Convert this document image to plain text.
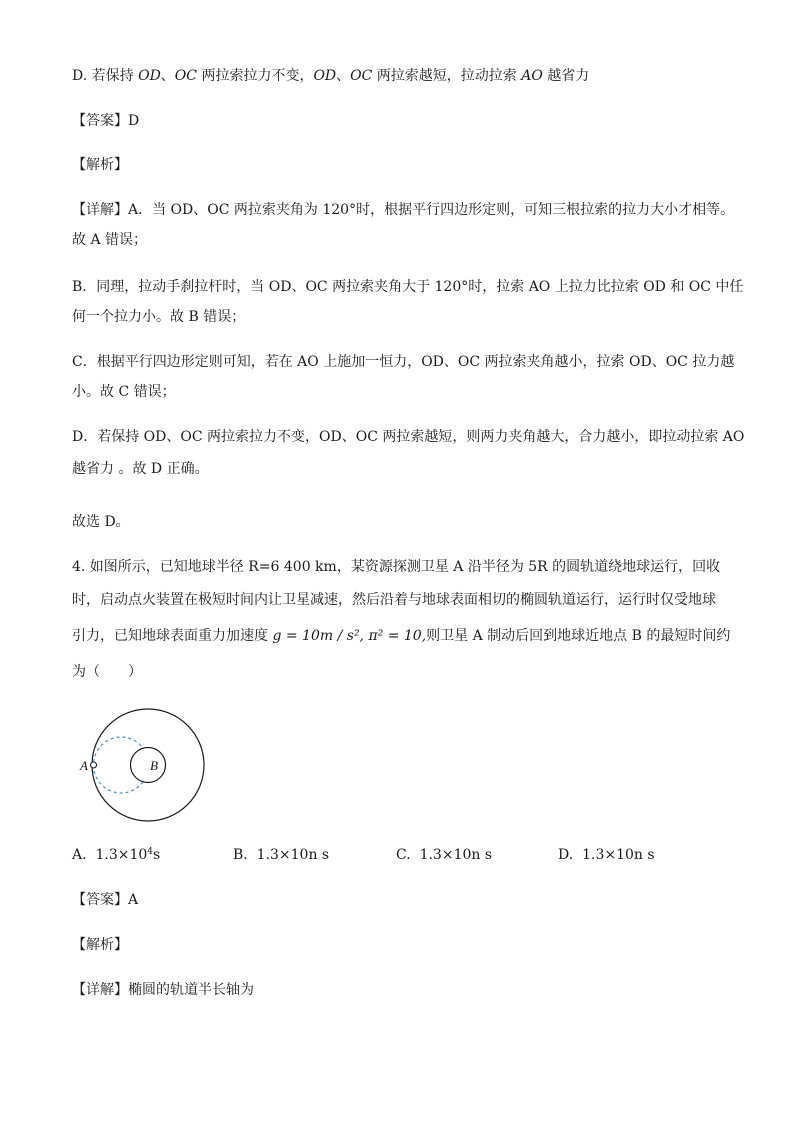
D. 若保持 OD、OC 两拉索拉力不变，OD、OC 两拉索越短，拉动拉索 AO 越省力
【答案】D
【解析】
【详解】A．当 OD、OC 两拉索夹角为 120°时，根据平行四边形定则，可知三根拉索的拉力大小才相等。
故 A 错误；
B．同理，拉动手刹拉杆时，当 OD、OC 两拉索夹角大于 120°时，拉索 AO 上拉力比拉索 OD 和 OC 中任
何一个拉力小。故 B 错误；
C．根据平行四边形定则可知，若在 AO 上施加一恒力，OD、OC 两拉索夹角越小，拉索 OD、OC 拉力越
小。故 C 错误；
D．若保持 OD、OC 两拉索拉力不变，OD、OC 两拉索越短，则两力夹角越大，合力越小，即拉动拉索 AO
越省力 。故 D 正确。
故选 D。
4. 如图所示，已知地球半径 R=6 400 km，某资源探测卫星 A 沿半径为 5R 的圆轨道绕地球运行，回收
时，启动点火装置在极短时间内让卫星减速，然后沿着与地球表面相切的椭圆轨道运行，运行时仅受地球
引力，已知地球表面重力加速度 g = 10m / s², π² = 10,则卫星 A 制动后回到地球近地点 B 的最短时间约
为（　　）
A	B
A. $1.3\times 10^4s$	B. 1.3×10n s	C. 1.3×10n s	D. 1.3×10n s
【答案】A
【解析】
【详解】椭圆的轨道半长轴为
